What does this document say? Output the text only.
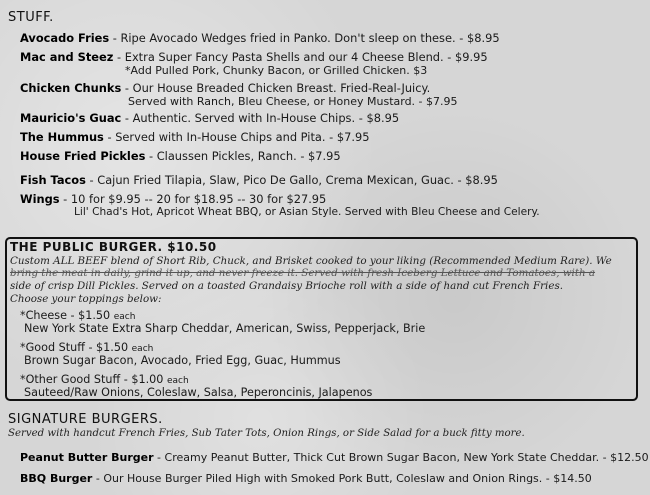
STUFF.
Avocado Fries - Ripe Avocado Wedges fried in Panko. Don't sleep on these. - $8.95
Mac and Steez - Extra Super Fancy Pasta Shells and our 4 Cheese Blend. - $9.95
*Add Pulled Pork, Chunky Bacon, or Grilled Chicken. $3
Chicken Chunks - Our House Breaded Chicken Breast. Fried-Real-Juicy.
Served with Ranch, Bleu Cheese, or Honey Mustard. - $7.95
Mauricio's Guac - Authentic. Served with In-House Chips. - $8.95
The Hummus - Served with In-House Chips and Pita. - $7.95
House Fried Pickles - Claussen Pickles, Ranch. - $7.95
Fish Tacos - Cajun Fried Tilapia, Slaw, Pico De Gallo, Crema Mexican, Guac. - $8.95
Wings - 10 for $9.95 -- 20 for $18.95 -- 30 for $27.95
Lil' Chad's Hot, Apricot Wheat BBQ, or Asian Style. Served with Bleu Cheese and Celery.
THE PUBLIC BURGER. $10.50
Custom ALL BEEF blend of Short Rib, Chuck, and Brisket cooked to your liking (Recommended Medium Rare). We
bring the meat in daily, grind it up, and never freeze it. Served with fresh Iceberg Lettuce and Tomatoes, with a
side of crisp Dill Pickles. Served on a toasted Grandaisy Brioche roll with a side of hand cut French Fries.
Choose your toppings below:
*Cheese - $1.50 each
New York State Extra Sharp Cheddar, American, Swiss, Pepperjack, Brie
*Good Stuff - $1.50 each
Brown Sugar Bacon, Avocado, Fried Egg, Guac, Hummus
*Other Good Stuff - $1.00 each
Sauteed/Raw Onions, Coleslaw, Salsa, Peperoncinis, Jalapenos
SIGNATURE BURGERS.
Served with handcut French Fries, Sub Tater Tots, Onion Rings, or Side Salad for a buck fitty more.
Peanut Butter Burger - Creamy Peanut Butter, Thick Cut Brown Sugar Bacon, New York State Cheddar. - $12.50
BBQ Burger - Our House Burger Piled High with Smoked Pork Butt, Coleslaw and Onion Rings. - $14.50
